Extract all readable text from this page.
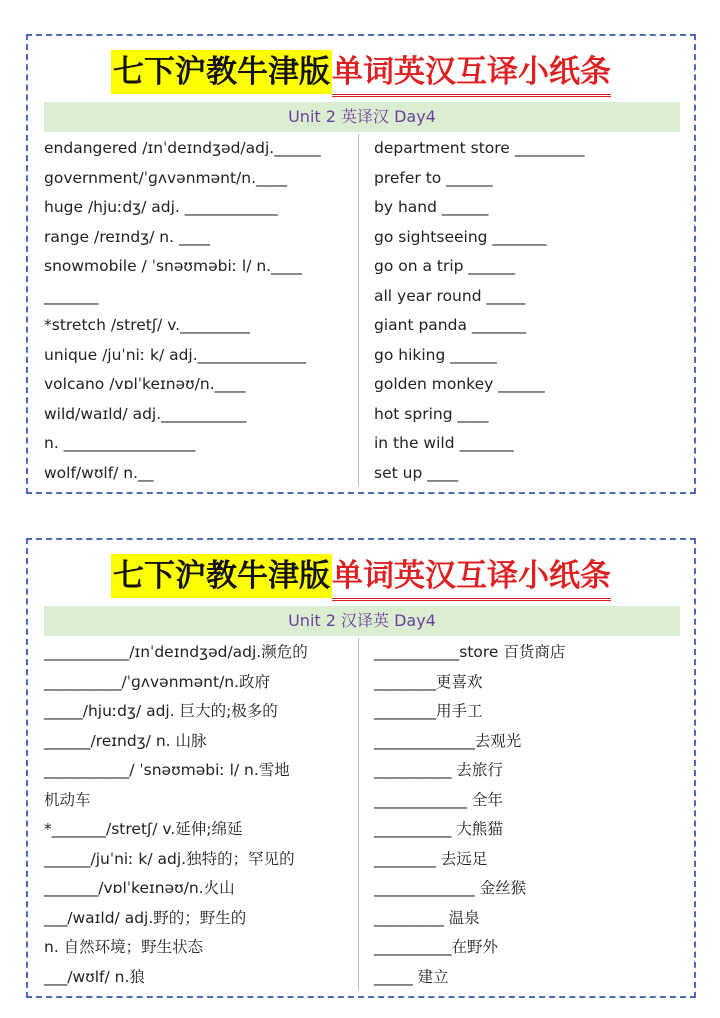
七下沪教牛津版单词英汉互译小纸条
Unit 2 英译汉 Day4
endangered /ɪnˈdeɪndʒəd/adj.______
government/ˈɡʌvənmənt/n.____
huge /hjuːdʒ/ adj. ____________
range /reɪndʒ/ n. ____
snowmobile / ˈsnəʊməbiː l/ n.____
_______
*stretch /stretʃ/ v._________
unique /juˈniː k/ adj.______________
volcano /vɒlˈkeɪnəʊ/n.____
wild/waɪld/ adj.___________
n. _________________
wolf/wʊlf/ n.__
department store _________
prefer to ______
by hand ______
go sightseeing _______
go on a trip ______
all year round _____
giant panda _______
go hiking ______
golden monkey ______
hot spring ____
in the wild _______
set up ____
七下沪教牛津版单词英汉互译小纸条
Unit 2 汉译英 Day4
___________/ɪnˈdeɪndʒəd/adj.濒危的
__________/ˈɡʌvənmənt/n.政府
_____/hjuːdʒ/ adj. 巨大的;极多的
______/reɪndʒ/ n. 山脉
___________/ ˈsnəʊməbiː l/ n.雪地
机动车
*_______/stretʃ/ v.延伸;绵延
______/juˈniː k/ adj.独特的；罕见的
_______/vɒlˈkeɪnəʊ/n.火山
___/waɪld/ adj.野的；野生的
n. 自然环境；野生状态
___/wʊlf/ n.狼
___________store 百货商店
________更喜欢
________用手工
_____________去观光
__________ 去旅行
____________ 全年
__________ 大熊猫
________ 去远足
_____________ 金丝猴
_________ 温泉
__________在野外
_____ 建立
